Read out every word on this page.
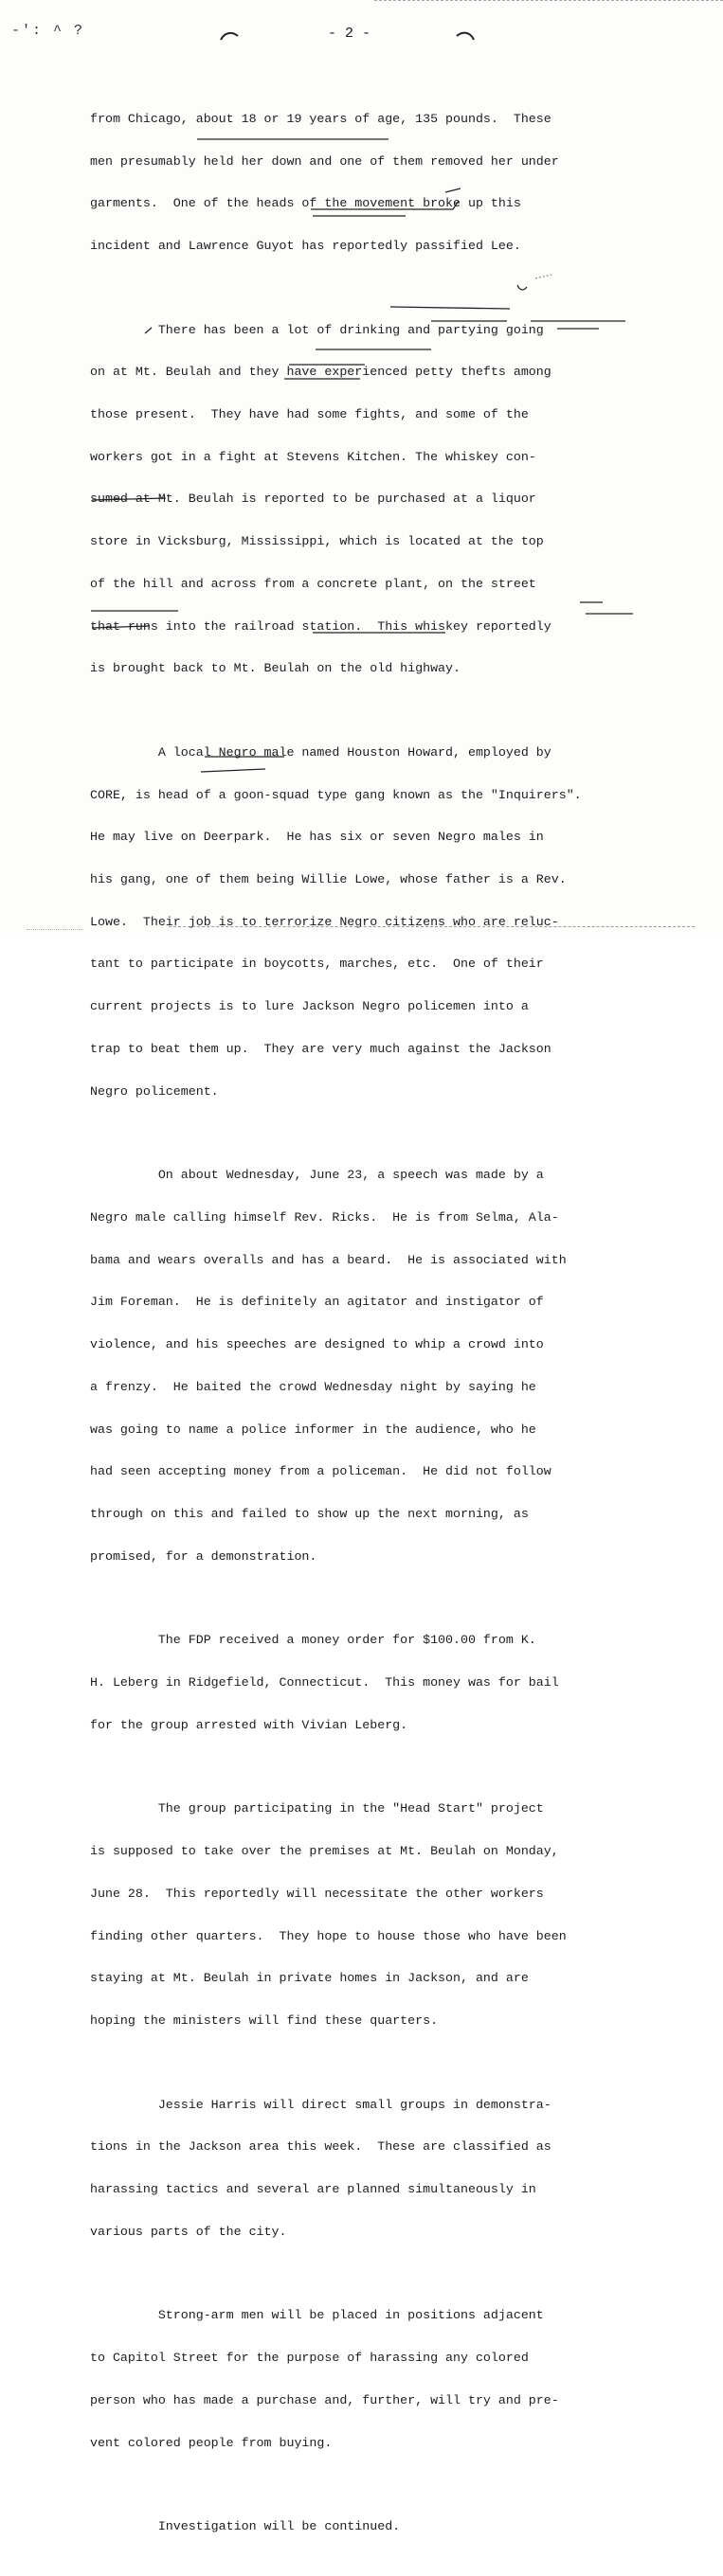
-': ^ ?	- 2 -

from Chicago, about 18 or 19 years of age, 135 pounds.  These

men presumably held her down and one of them removed her under

garments.  One of the heads of the movement broke up this

incident and Lawrence Guyot has reportedly passified Lee.

There has been a lot of drinking and partying going

on at Mt. Beulah and they have experienced petty thefts among

those present.  They have had some fights, and some of the

workers got in a fight at Stevens Kitchen. The whiskey con-

sumed at Mt. Beulah is reported to be purchased at a liquor

store in Vicksburg, Mississippi, which is located at the top

of the hill and across from a concrete plant, on the street

that runs into the railroad station.  This whiskey reportedly

is brought back to Mt. Beulah on the old highway.

A local Negro male named Houston Howard, employed by

CORE, is head of a goon-squad type gang known as the "Inquirers".

He may live on Deerpark.  He has six or seven Negro males in

his gang, one of them being Willie Lowe, whose father is a Rev.

Lowe.  Their job is to terrorize Negro citizens who are reluc-

tant to participate in boycotts, marches, etc.  One of their

current projects is to lure Jackson Negro policemen into a

trap to beat them up.  They are very much against the Jackson

Negro policement.

On about Wednesday, June 23, a speech was made by a

Negro male calling himself Rev. Ricks.  He is from Selma, Ala-

bama and wears overalls and has a beard.  He is associated with

Jim Foreman.  He is definitely an agitator and instigator of

violence, and his speeches are designed to whip a crowd into

a frenzy.  He baited the crowd Wednesday night by saying he

was going to name a police informer in the audience, who he

had seen accepting money from a policeman.  He did not follow

through on this and failed to show up the next morning, as

promised, for a demonstration.

The FDP received a money order for $100.00 from K.

H. Leberg in Ridgefield, Connecticut.  This money was for bail

for the group arrested with Vivian Leberg.

The group participating in the "Head Start" project

is supposed to take over the premises at Mt. Beulah on Monday,

June 28.  This reportedly will necessitate the other workers

finding other quarters.  They hope to house those who have been

staying at Mt. Beulah in private homes in Jackson, and are

hoping the ministers will find these quarters.

Jessie Harris will direct small groups in demonstra-

tions in the Jackson area this week.  These are classified as

harassing tactics and several are planned simultaneously in

various parts of the city.

Strong-arm men will be placed in positions adjacent

to Capitol Street for the purpose of harassing any colored

person who has made a purchase and, further, will try and pre-

vent colored people from buying.

Investigation will be continued.
